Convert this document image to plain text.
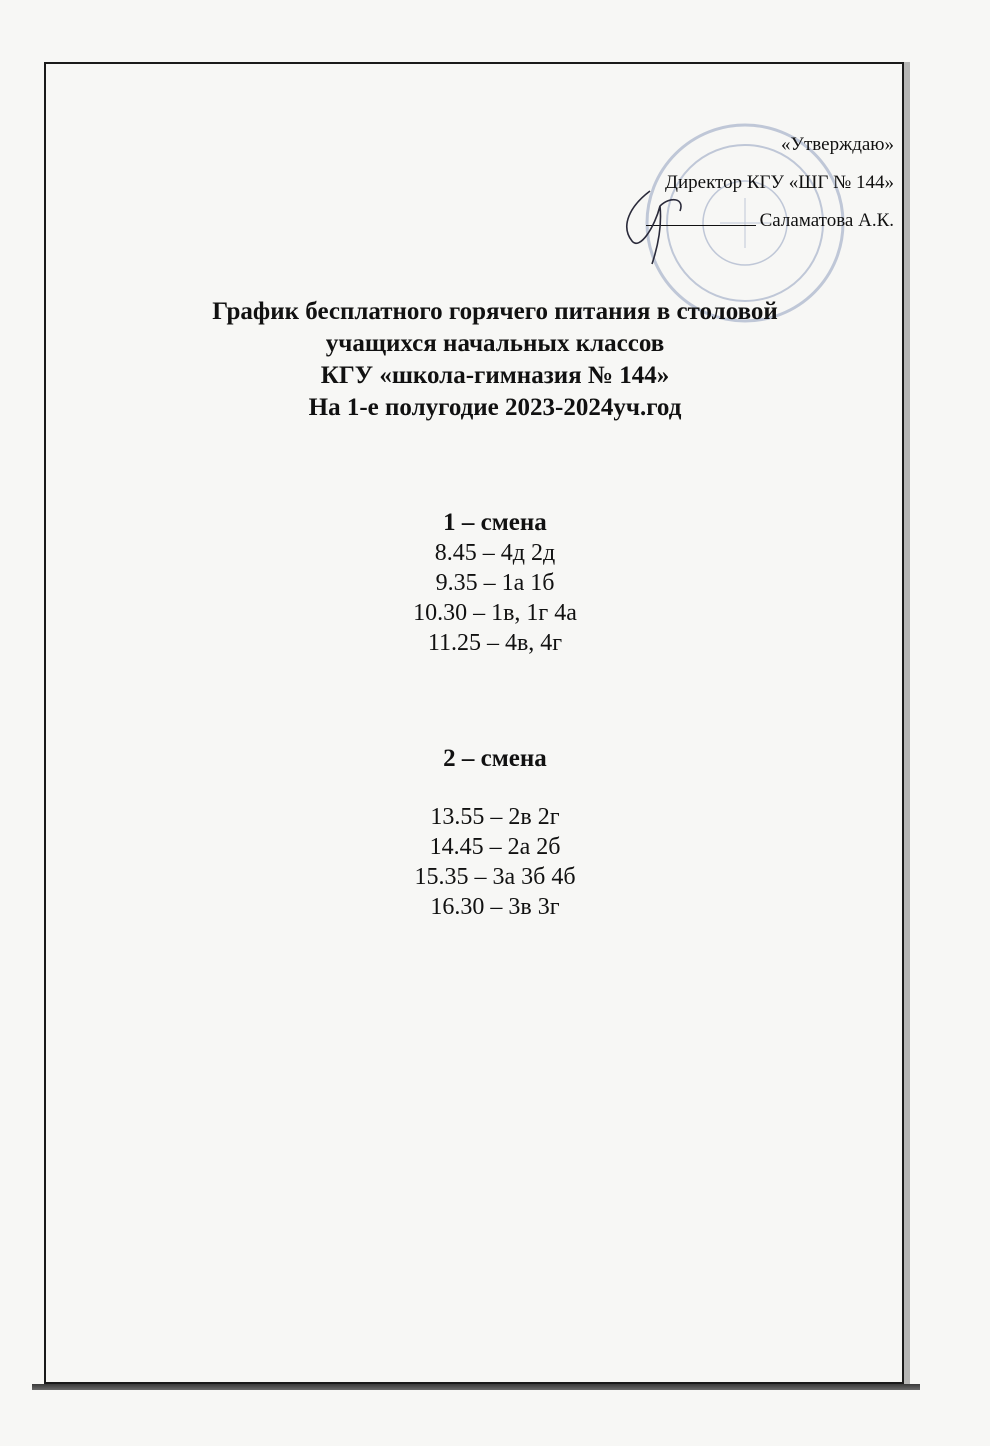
«Утверждаю»
Директор КГУ «ШГ № 144»
Саламатова А.К.
График бесплатного горячего питания в столовой
учащихся начальных классов
КГУ «школа-гимназия № 144»
На 1-е полугодие 2023-2024уч.год
1 – смена
8.45 – 4д 2д
9.35 – 1а 1б
10.30 – 1в, 1г 4а
11.25 – 4в, 4г
2 – смена
13.55 – 2в 2г
14.45 – 2а 2б
15.35 – 3а 3б 4б
16.30 – 3в 3г
